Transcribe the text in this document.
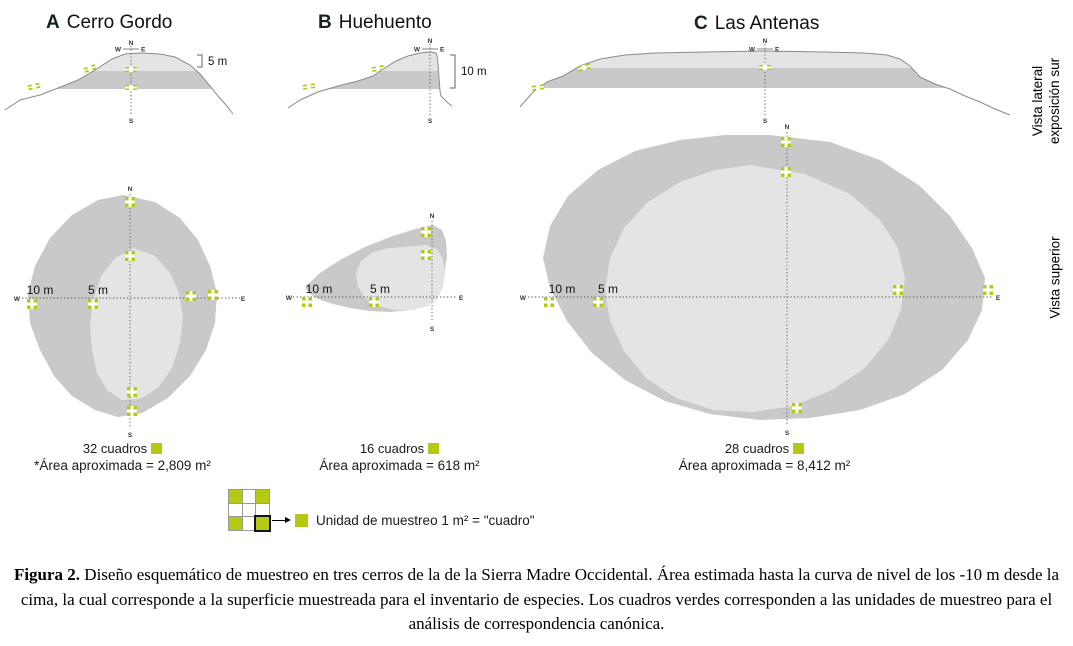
A Cerro Gordo	B Huehuento	C Las Antenas
N
W	E
S
5 m
N
W	E
S
10 m
N
W	E
S
N
S
W	E
10 m	5 m
N
S
W	E
10 m	5 m
N
S
W	E
10 m 5 m
32 cuadros
*Área aproximada = 2,809 m²
16 cuadros
Área aproximada = 618 m²
28 cuadros
Área aproximada = 8,412 m²
Unidad de muestreo 1 m² = "cuadro"
Vista lateral exposición sur
Vista superior
Figura 2. Diseño esquemático de muestreo en tres cerros de la de la Sierra Madre Occidental. Área estimada hasta la curva de nivel de los -10 m desde la cima, la cual corresponde a la superficie muestreada para el inventario de especies. Los cuadros verdes corresponden a las unidades de muestreo para el análisis de correspondencia canónica.
